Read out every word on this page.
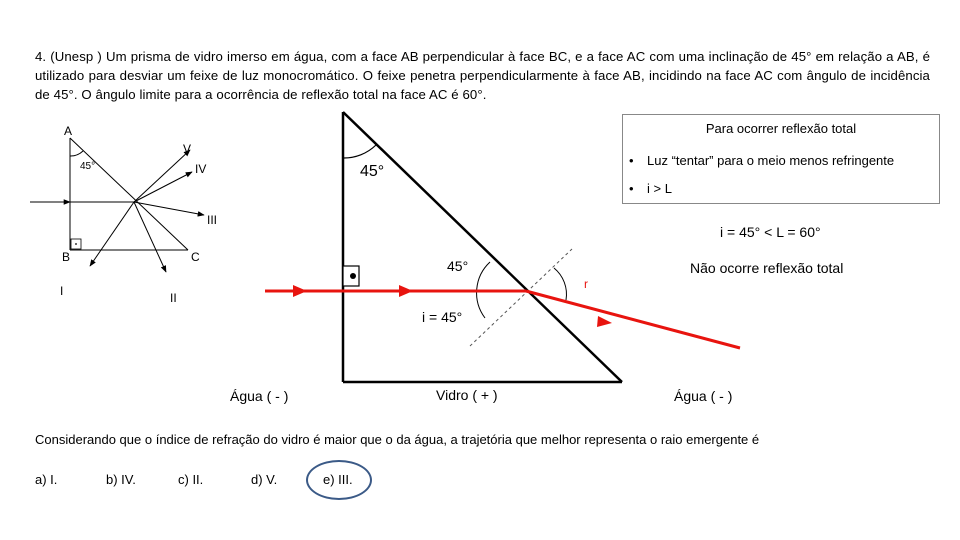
4. (Unesp ) Um prisma de vidro imerso em água, com a face AB perpendicular à face BC, e a face AC com uma inclinação de 45° em relação a AB, é utilizado para desviar um feixe de luz monocromático. O feixe penetra perpendicularmente à face AB, incidindo na face AC com ângulo de incidência de 45°. O ângulo limite para a ocorrência de reflexão total na face AC é 60°.
A
B	C
45°
I	II
III
IV
V
45°
45°
i = 45°
r
Água ( - )	Vidro ( + )	Água ( - )
Para ocorrer reflexão total
• Luz “tentar” para o meio menos refringente
• i > L
i = 45° < L = 60°
Não ocorre reflexão total
Considerando que o índice de refração do vidro é maior que o da água, a trajetória que melhor representa o raio emergente é
a) I.	b) IV.	c) II.	d) V.	e) III.
